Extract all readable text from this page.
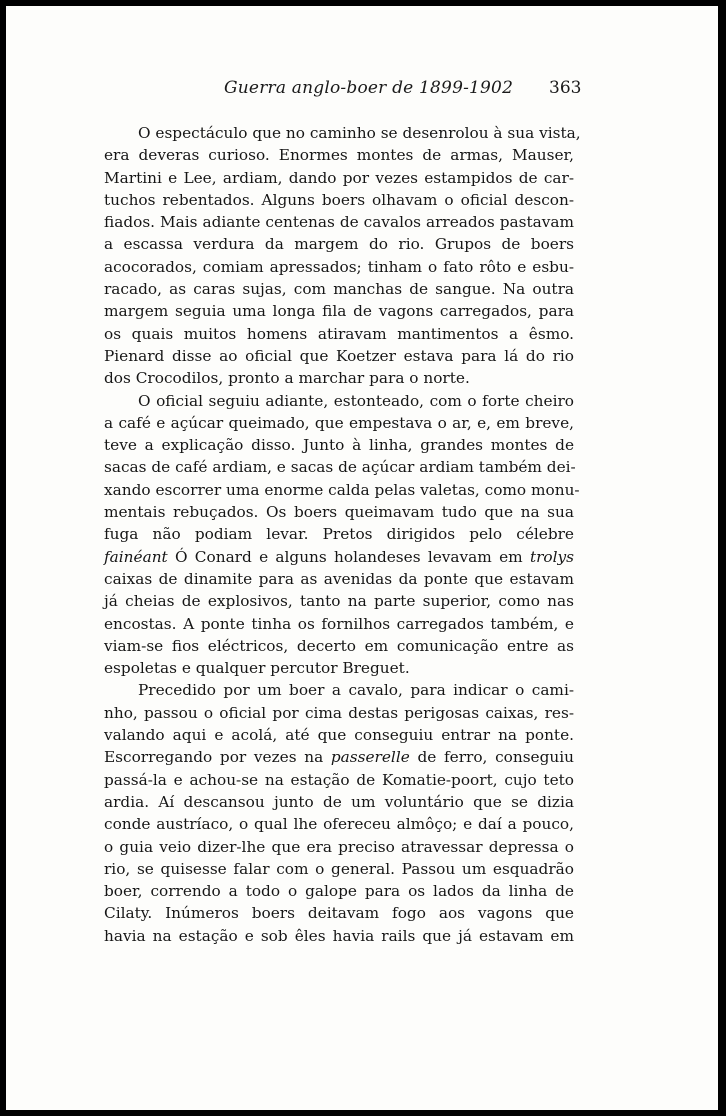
Guerra anglo-boer de 1899-1902 363
O espectáculo que no caminho se desenrolou à sua vista,
era deveras curioso. Enormes montes de armas, Mauser,
Martini e Lee, ardiam, dando por vezes estampidos de car-
tuchos rebentados. Alguns boers olhavam o oficial descon-
fiados. Mais adiante centenas de cavalos arreados pastavam
a escassa verdura da margem do rio. Grupos de boers
acocorados, comiam apressados; tinham o fato rôto e esbu-
racado, as caras sujas, com manchas de sangue. Na outra
margem seguia uma longa fila de vagons carregados, para
os quais muitos homens atiravam mantimentos a êsmo.
Pienard disse ao oficial que Koetzer estava para lá do rio
dos Crocodilos, pronto a marchar para o norte.
O oficial seguiu adiante, estonteado, com o forte cheiro
a café e açúcar queimado, que empestava o ar, e, em breve,
teve a explicação disso. Junto à linha, grandes montes de
sacas de café ardiam, e sacas de açúcar ardiam também dei-
xando escorrer uma enorme calda pelas valetas, como monu-
mentais rebuçados. Os boers queimavam tudo que na sua
fuga não podiam levar. Pretos dirigidos pelo célebre
fainéant Ó Conard e alguns holandeses levavam em trolys
caixas de dinamite para as avenidas da ponte que estavam
já cheias de explosivos, tanto na parte superior, como nas
encostas. A ponte tinha os fornilhos carregados também, e
viam-se fios eléctricos, decerto em comunicação entre as
espoletas e qualquer percutor Breguet.
Precedido por um boer a cavalo, para indicar o cami-
nho, passou o oficial por cima destas perigosas caixas, res-
valando aqui e acolá, até que conseguiu entrar na ponte.
Escorregando por vezes na passerelle de ferro, conseguiu
passá-la e achou-se na estação de Komatie-poort, cujo teto
ardia. Aí descansou junto de um voluntário que se dizia
conde austríaco, o qual lhe ofereceu almôço; e daí a pouco,
o guia veio dizer-lhe que era preciso atravessar depressa o
rio, se quisesse falar com o general. Passou um esquadrão
boer, correndo a todo o galope para os lados da linha de
Cilaty. Inúmeros boers deitavam fogo aos vagons que
havia na estação e sob êles havia rails que já estavam em
